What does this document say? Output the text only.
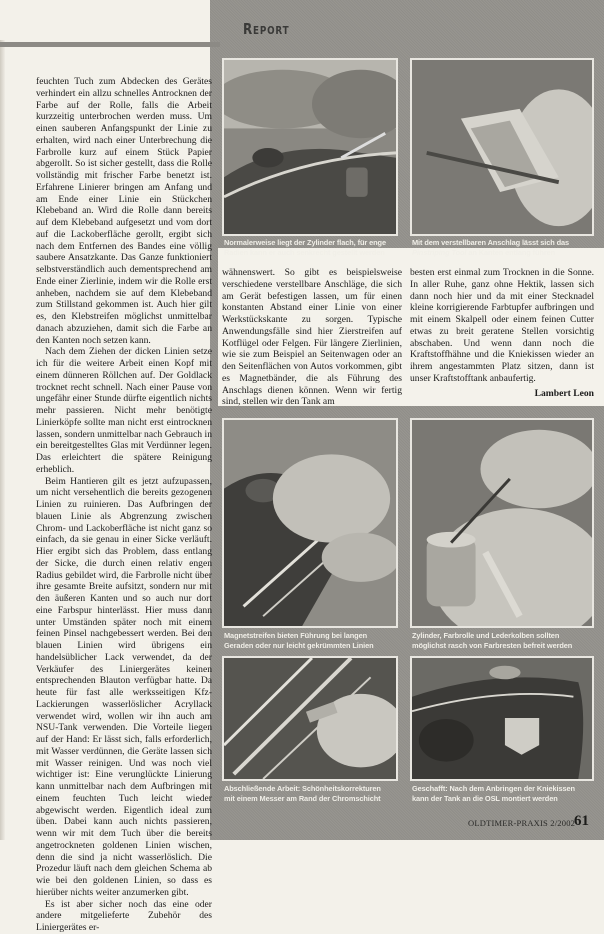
Report

feuchten Tuch zum Abdecken des Gerätes verhindert ein allzu schnelles Antrocknen der Farbe auf der Rolle, falls die Arbeit kurzzeitig unterbrochen werden muss. Um einen sauberen Anfangspunkt der Linie zu erhalten, wird nach einer Unterbrechung die Farbrolle kurz auf einem Stück Papier abgerollt. So ist sicher gestellt, dass die Rolle vollständig mit frischer Farbe benetzt ist. Erfahrene Linierer bringen am Anfang und am Ende einer Linie ein Stückchen Klebeband an. Wird die Rolle dann bereits auf dem Klebeband aufgesetzt und vom dort auf die Lackoberfläche gerollt, ergibt sich nach dem Entfernen des Bandes eine völlig saubere Ansatzkante. Das Ganze funktioniert selbstverständlich auch dementsprechend am Ende einer Zierlinie, indem wir die Rolle erst anheben, nachdem sie auf dem Klebeband zum Stillstand gekommen ist. Auch hier gilt es, den Klebstreifen möglichst unmittelbar danach abzuziehen, damit sich die Farbe an den Kanten noch setzen kann.

Nach dem Ziehen der dicken Linien setze ich für die weitere Arbeit einen Kopf mit einem dünneren Röllchen auf. Der Goldlack trocknet recht schnell. Nach einer Pause von ungefähr einer Stunde dürfte eigentlich nichts mehr passieren. Nicht mehr benötigte Linierköpfe sollte man nicht erst eintrocknen lassen, sondern unmittelbar nach Gebrauch in ein bereitgestelltes Glas mit Verdünner legen. Das erleichtert die spätere Reinigung erheblich.

Beim Hantieren gilt es jetzt aufzupassen, um nicht versehentlich die bereits gezogenen Linien zu ruinieren. Das Aufbringen der blauen Linie als Abgrenzung zwischen Chrom- und Lackoberfläche ist nicht ganz so einfach, da sie genau in einer Sicke verläuft. Hier ergibt sich das Problem, dass entlang der Sicke, die durch einen relativ engen Radius gebildet wird, die Farbrolle nicht über ihre gesamte Breite aufsitzt, sondern nur mit den äußeren Kanten und so auch nur dort eine Farbspur hinterlässt. Hier muss dann unter Umständen später noch mit einem feinen Pinsel nachgebessert werden. Bei den blauen Linien wird übrigens ein handelsüblicher Lack verwendet, da der Verkäufer des Liniergerätes keinen entsprechenden Blauton verfügbar hatte. Da heute für fast alle werksseitigen Kfz-Lackierungen wasserlöslicher Acryllack verwendet wird, wollen wir ihn auch am NSU-Tank verwenden. Die Vorteile liegen auf der Hand: Er lässt sich, falls erforderlich, mit Wasser verdünnen, die Geräte lassen sich mit Wasser reinigen. Und was noch viel wichtiger ist: Eine verunglückte Linierung kann unmittelbar nach dem Aufbringen mit einem feuchten Tuch leicht wieder abgewischt werden. Eigentlich ideal zum üben. Dabei kann auch nichts passieren, wenn wir mit dem Tuch über die bereits angetrockneten goldenen Linien wischen, denn die sind ja nicht wasserlöslich. Die Prozedur läuft nach dem gleichen Schema ab wie bei den goldenen Linien, so dass es hierüber nichts weiter anzumerken gibt.

Es ist aber sicher noch das eine oder andere mitgelieferte Zubehör des Liniergerätes er-

Normalerweise liegt der Zylinder flach, für enge
Radien kann er auch senkrecht gestellt werden
Mit dem verstellbaren Anschlag lässt sich das
Pinstriping Tool an Kanten entlang führen

wähnenswert. So gibt es beispielsweise verschiedene verstellbare Anschläge, die sich am Gerät befestigen lassen, um für einen konstanten Abstand einer Linie von einer Werkstückskante zu sorgen. Typische Anwendungsfälle sind hier Zierstreifen auf Kotflügel oder Felgen. Für längere Zierlinien, wie sie zum Beispiel an Seitenwagen oder an den Seitenflächen von Autos vorkommen, gibt es Magnetbänder, die als Führung des Anschlags dienen können. Wenn wir fertig sind, stellen wir den Tank am

besten erst einmal zum Trocknen in die Sonne. In aller Ruhe, ganz ohne Hektik, lassen sich dann noch hier und da mit einer Stecknadel kleine korrigierende Farbtupfer aufbringen und mit einem Skalpell oder einem feinen Cutter etwas zu breit geratene Stellen vorsichtig abschaben. Und wenn dann noch die Kraftstoffhähne und die Kniekissen wieder an ihrem angestammten Platz sitzen, dann ist unser Kraftstofftank anbaufertig.

Lambert Leon
Magnetstreifen bieten Führung bei langen
Geraden oder nur leicht gekrümmten Linien
Zylinder, Farbrolle und Lederkolben sollten
möglichst rasch von Farbresten befreit werden
Abschließende Arbeit: Schönheitskorrekturen
mit einem Messer am Rand der Chromschicht
Geschafft: Nach dem Anbringen der Kniekissen
kann der Tank an die OSL montiert werden
OLDTIMER-PRAXIS 2/2002
61
